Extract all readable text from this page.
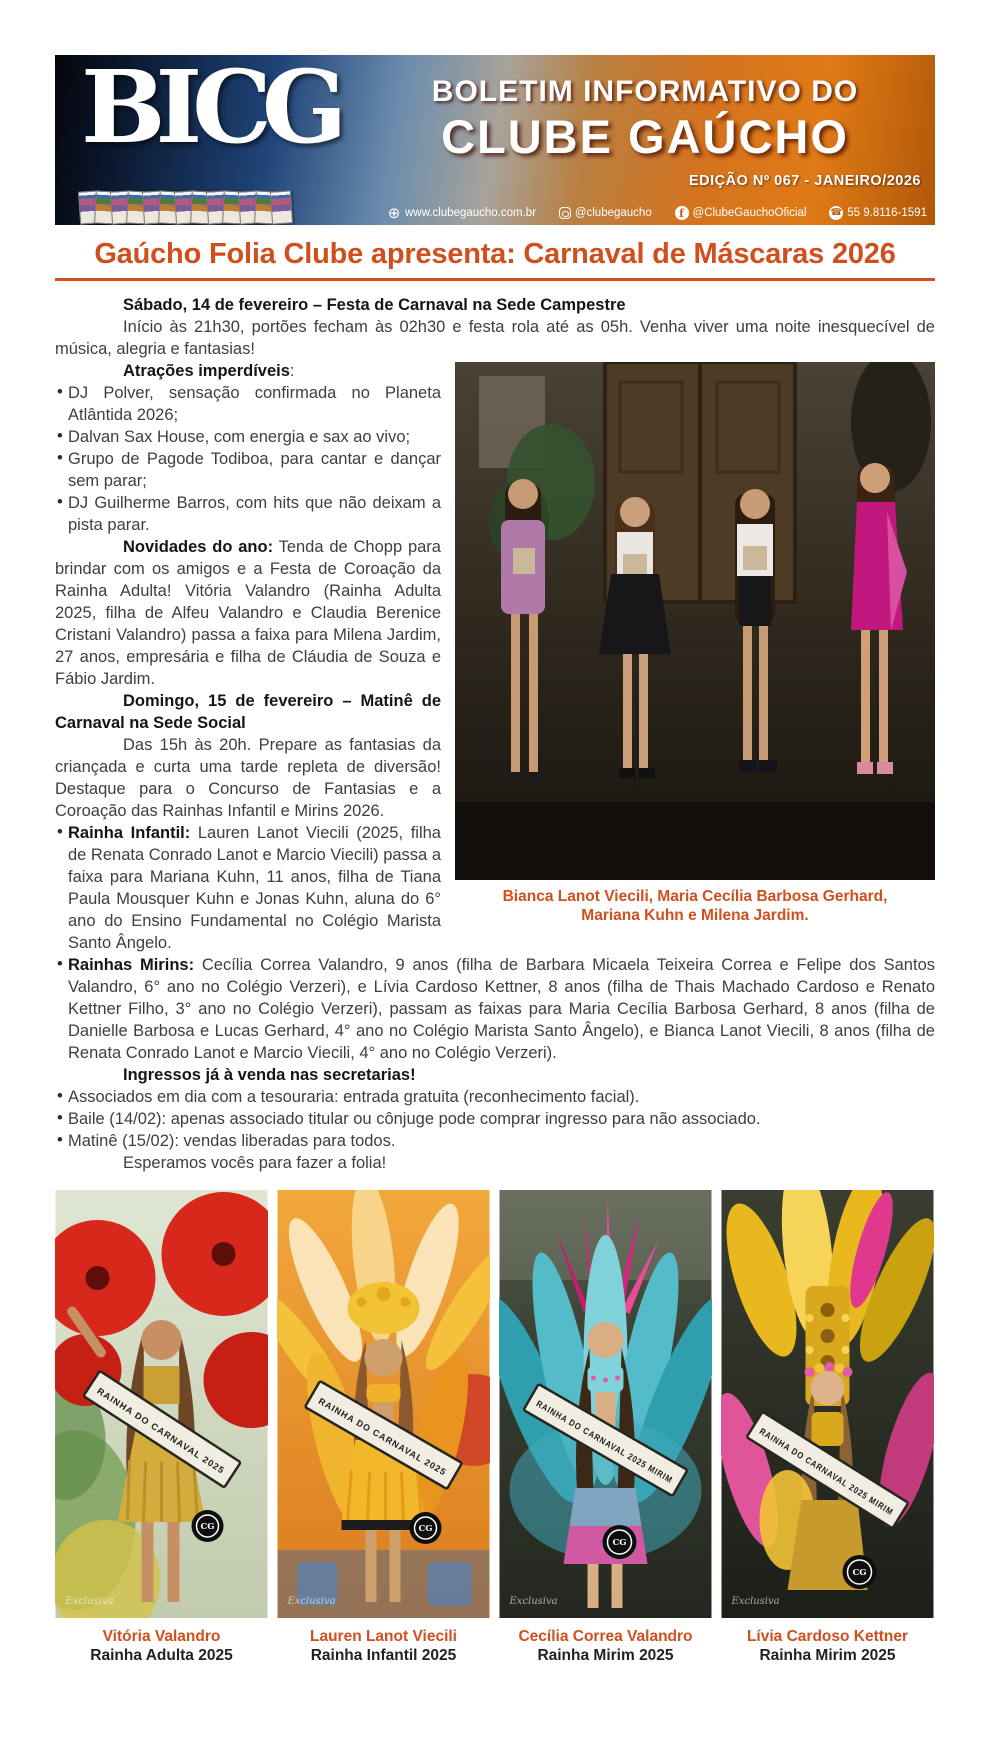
BICG	BOLETIM INFORMATIVO DO
CLUBE GAÚCHO
EDIÇÃO Nº 067 - JANEIRO/2026
⊕ www.clubegaucho.com.br	@clubegaucho	f @ClubeGauchoOficial	☎ 55 9.8116-1591
Gaúcho Folia Clube apresenta: Carnaval de Máscaras 2026

Sábado, 14 de fevereiro – Festa de Carnaval na Sede Campestre

Início às 21h30, portões fecham às 02h30 e festa rola até as 05h. Venha viver uma noite inesquecível de música, alegria e fantasias!

Bianca Lanot Viecili, Maria Cecília Barbosa Gerhard, Mariana Kuhn e Milena Jardim.

Atrações imperdíveis:

• DJ Polver, sensação confirmada no Planeta Atlântida 2026;

• Dalvan Sax House, com energia e sax ao vivo;

• Grupo de Pagode Todiboa, para cantar e dançar sem parar;

• DJ Guilherme Barros, com hits que não deixam a pista parar.

Novidades do ano: Tenda de Chopp para brindar com os amigos e a Festa de Coroação da Rainha Adulta! Vitória Valandro (Rainha Adulta 2025, filha de Alfeu Valandro e Claudia Berenice Cristani Valandro) passa a faixa para Milena Jardim, 27 anos, empresária e filha de Cláudia de Souza e Fábio Jardim.

Domingo, 15 de fevereiro – Matinê de Carnaval na Sede Social

Das 15h às 20h. Prepare as fantasias da criançada e curta uma tarde repleta de diversão! Destaque para o Concurso de Fantasias e a Coroação das Rainhas Infantil e Mirins 2026.

• Rainha Infantil: Lauren Lanot Viecili (2025, filha de Renata Conrado Lanot e Marcio Viecili) passa a faixa para Mariana Kuhn, 11 anos, filha de Tiana Paula Mousquer Kuhn e Jonas Kuhn, aluna do 6° ano do Ensino Fundamental no Colégio Marista Santo Ângelo.

• Rainhas Mirins: Cecília Correa Valandro, 9 anos (filha de Barbara Micaela Teixeira Correa e Felipe dos Santos Valandro, 6° ano no Colégio Verzeri), e Lívia Cardoso Kettner, 8 anos (filha de Thais Machado Cardoso e Renato Kettner Filho, 3° ano no Colégio Verzeri), passam as faixas para Maria Cecília Barbosa Gerhard, 8 anos (filha de Danielle Barbosa e Lucas Gerhard, 4° ano no Colégio Marista Santo Ângelo), e Bianca Lanot Viecili, 8 anos (filha de Renata Conrado Lanot e Marcio Viecili, 4° ano no Colégio Verzeri).

Ingressos já à venda nas secretarias!

• Associados em dia com a tesouraria: entrada gratuita (reconhecimento facial).

• Baile (14/02): apenas associado titular ou cônjuge pode comprar ingresso para não associado.

• Matinê (15/02): vendas liberadas para todos.

Esperamos vocês para fazer a folia!

RAINHA DO CARNAVAL 2025
CG
Exclusiva
Vitória Valandro
Rainha Adulta 2025
RAINHA DO CARNAVAL 2025
CG
Exclusiva
Lauren Lanot Viecili
Rainha Infantil 2025
RAINHA DO CARNAVAL 2025 MIRIM
CG
Exclusiva
Cecília Correa Valandro
Rainha Mirim 2025
RAINHA DO CARNAVAL 2025 MIRIM
CG
Exclusiva
Lívia Cardoso Kettner
Rainha Mirim 2025
